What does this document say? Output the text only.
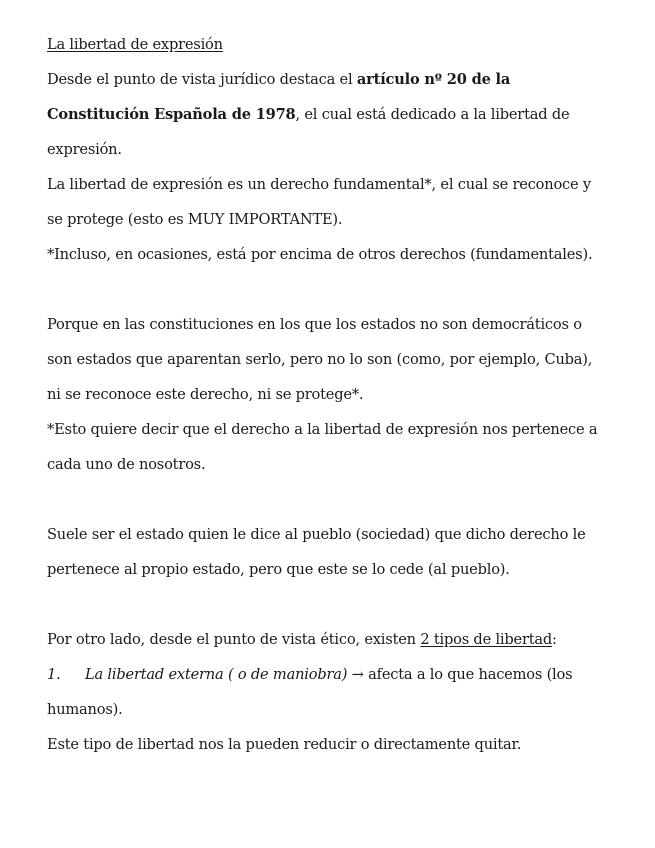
La libertad de expresión
Desde el punto de vista jurídico destaca el artículo nº 20 de la
Constitución Española de 1978, el cual está dedicado a la libertad de
expresión.
La libertad de expresión es un derecho fundamental*, el cual se reconoce y
se protege (esto es MUY IMPORTANTE).
*Incluso, en ocasiones, está por encima de otros derechos (fundamentales).
Porque en las constituciones en los que los estados no son democráticos o
son estados que aparentan serlo, pero no lo son (como, por ejemplo, Cuba),
ni se reconoce este derecho, ni se protege*.
*Esto quiere decir que el derecho a la libertad de expresión nos pertenece a
cada uno de nosotros.
Suele ser el estado quien le dice al pueblo (sociedad) que dicho derecho le
pertenece al propio estado, pero que este se lo cede (al pueblo).
Por otro lado, desde el punto de vista ético, existen 2 tipos de libertad:
1. La libertad externa ( o de maniobra) → afecta a lo que hacemos (los
humanos).
Este tipo de libertad nos la pueden reducir o directamente quitar.
